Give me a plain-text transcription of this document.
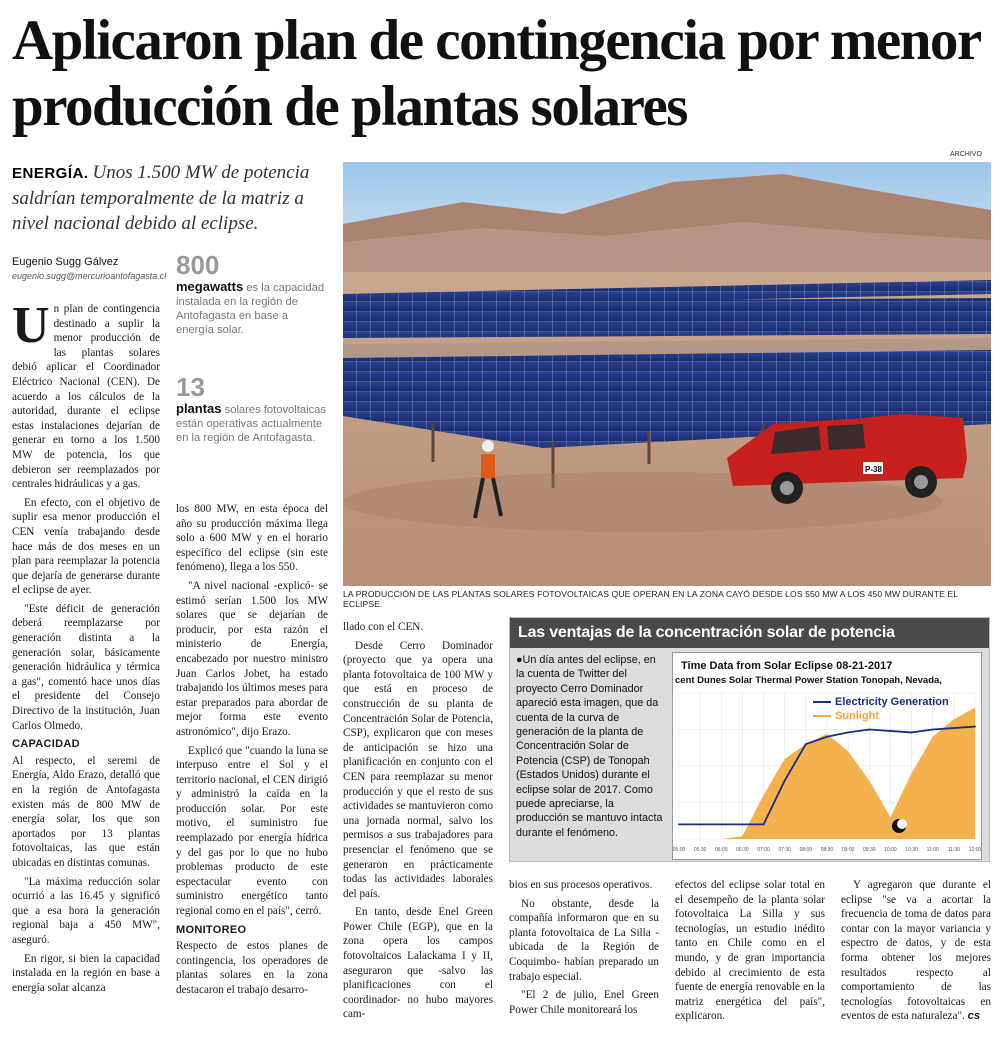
Aplicaron plan de contingencia por menor producción de plantas solares
ENERGÍA. Unos 1.500 MW de potencia saldrían temporalmente de la matriz a nivel nacional debido al eclipse.
Eugenio Sugg Gálvez
eugenio.sugg@mercurioantofagasta.cl 800
megawatts es la capacidad instalada en la región de Antofagasta en base a energía solar.
13
plantas solares fotovoltaicas están operativas actualmente en la región de Antofagasta.

Un plan de contingencia destinado a suplir la menor producción de las plantas solares debió aplicar el Coordinador Eléctrico Nacional (CEN). De acuerdo a los cálculos de la autoridad, durante el eclipse estas instalaciones dejarían de generar en torno a los 1.500 MW de potencia, los que debieron ser reemplazados por centrales hidráulicas y a gas.

En efecto, con el objetivo de suplir esa menor producción el CEN venía trabajando desde hace más de dos meses en un plan para reemplazar la potencia que dejaría de generarse durante el eclipse de ayer.

"Este déficit de generación deberá reemplazarse por generación distinta a la generación solar, básicamente generación hidráulica y térmica a gas", comentó hace unos días el presidente del Consejo Directivo de la institución, Juan Carlos Olmedo.

CAPACIDAD

Al respecto, el seremi de Energía, Aldo Erazo, detalló que en la región de Antofagasta existen más de 800 MW de energía solar, los que son aportados por 13 plantas fotovoltaicas, las que están ubicadas en distintas comunas.

"La máxima reducción solar ocurrió a las 16.45 y significó que a esa hora la generación regional baja a 450 MW", aseguró.

En rigor, si bien la capacidad instalada en la región en base a energía solar alcanza

los 800 MW, en esta época del año su producción máxima llega solo a 600 MW y en el horario específico del eclipse (sin este fenómeno), llega a los 550.

"A nivel nacional -explicó- se estimó serían 1.500 los MW solares que se dejarían de producir, por esta razón el ministerio de Energía, encabezado por nuestro ministro Juan Carlos Jobet, ha estado trabajando los últimos meses para estar preparados para abordar de mejor forma este evento astronómico", dijo Erazo.

Explicó que "cuando la luna se interpuso entre el Sol y el territorio nacional, el CEN dirigió y administró la caída en la producción solar. Por este motivo, el suministro fue reemplazado por energía hídrica y del gas por lo que no hubo problemas producto de este espectacular evento con suministro energético tanto regional como en el país", cerró.

MONITOREO

Respecto de estos planes de contingencia, los operadores de plantas solares en la zona destacaron el trabajo desarro-

llado con el CEN.

Desde Cerro Dominador (proyecto que ya opera una planta fotovoltaica de 100 MW y que está en proceso de construcción de su planta de Concentración Solar de Potencia, CSP), explicaron que con meses de anticipación se hizo una planificación en conjunto con el CEN para reemplazar su menor producción y que el resto de sus actividades se mantuvieron como una jornada normal, salvo los permisos a sus trabajadores para presenciar el fenómeno que se generaron en prácticamente todas las actividades laborales del país.

En tanto, desde Enel Green Power Chile (EGP), que en la zona opera los campos fotovoltaicos Lalackama I y II, aseguraron que -salvo las planificaciones con el coordinador- no hubo mayores cam-

bios en sus procesos operativos.

No obstante, desde la compañía informaron que en su planta fotovoltaica de La Silla -ubicada de la Región de Coquimbo- habían preparado un trabajo especial.

"El 2 de julio, Enel Green Power Chile monitoreará los

efectos del eclipse solar total en el desempeño de la planta solar fotovoltaica La Silla y sus tecnologías, un estudio inédito tanto en Chile como en el mundo, y de gran importancia debido al crecimiento de esta fuente de energía renovable en la matriz energética del país", explicaron.

Y agregaron que durante el eclipse "se va a acortar la frecuencia de toma de datos para contar con la mayor variancia y espectro de datos, y de esta forma obtener los mejores resultados respecto al comportamiento de las tecnologías fotovoltaicas en eventos de esta naturaleza". cs

ARCHIVO
P-38
LA PRODUCCIÓN DE LAS PLANTAS SOLARES FOTOVOLTAICAS QUE OPERAN EN LA ZONA CAYÓ DESDE LOS 550 MW A LOS 450 MW DURANTE EL ECLIPSE.
Las ventajas de la concentración solar de potencia
●Un día antes del eclipse, en la cuenta de Twitter del proyecto Cerro Dominador apareció esta imagen, que da cuenta de la curva de generación de la planta de Concentración Solar de Potencia (CSP) de Tonopah (Estados Unidos) durante el eclipse solar de 2017. Como puede apreciarse, la producción se mantuvo intacta durante el fenómeno.
Time Data from Solar Eclipse 08-21-2017
cent Dunes Solar Thermal Power Station Tonopah, Nevada,
05:00 05:30 06:00 06:30 07:00 07:30 08:00 08:30 09:00 09:30 10:00 10:30 11:00 11:30 12:00
Electricity Generation
Sunlight
